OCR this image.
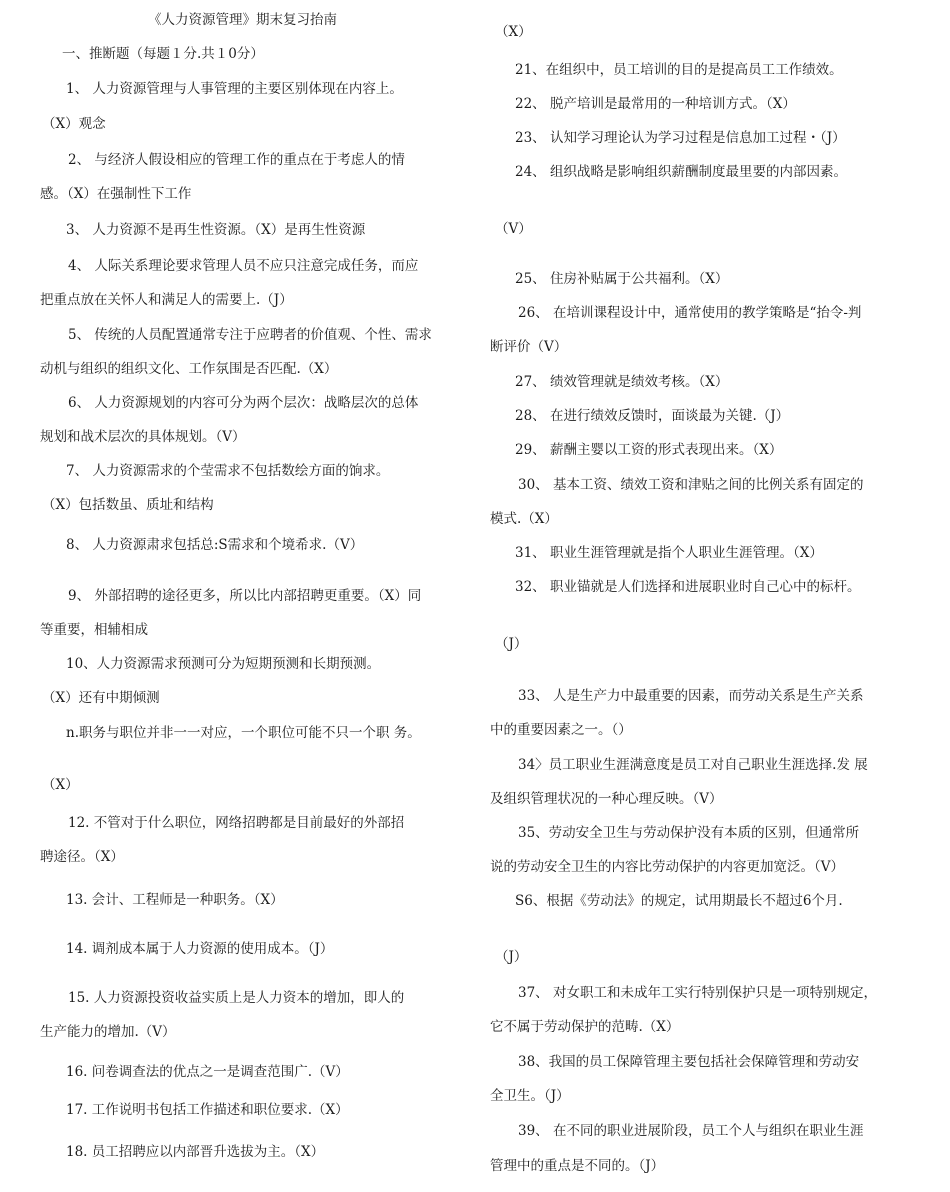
《人力资源管理》期末复习抬南
一、推断题（每题１分.共１0分）
1、 人力资源管理与人事管理的主要区别体现在内容上。
（X）观念
2、 与经济人假设相应的管理工作的重点在于考虑人的情
感。（X）在强制性下工作
3、 人力资源不是再生性资源。（X）是再生性资源
4、 人际关系理论要求管理人员不应只注意完成任务，而应
把重点放在关怀人和满足人的需要上.（J）
5、 传统的人员配置通常专注于应聘者的价值观、个性、需求
动机与组织的组织文化、工作氛围是否匹配.（X）
6、 人力资源规划的内容可分为两个层次：战略层次的总体
规划和战术层次的具体规划。（V）
7、 人力资源需求的个莹需求不包括数绘方面的饷求。
（X）包括数虽、质址和结构
8、 人力资源肃求包括总:S需求和个境希求.（V）
9、 外部招聘的途径更多，所以比内部招聘更重要。（X）同
等重要，相辅相成
10、人力资源需求预测可分为短期预测和长期预测。
（X）还有中期倾测
n.职务与职位并非一一对应，一个职位可能不只一个职 务。
（X）
12. 不管对于什么职位，网络招聘都是目前最好的外部招
聘途径。（X）
13. 会计、工程师是一种职务。（X）
14. 调剂成本属于人力资源的使用成本。（J）
15. 人力资源投资收益实质上是人力资本的增加，即人的
生产能力的增加.（V）
16. 问卷调查法的优点之一是调查范围广.（V）
17. 工作说明书包括工作描述和职位要求.（X）
18. 员工招聘应以内部晋升选拔为主。（X）
（X）
21、在组织中，员工培训的目的是提高员工工作绩效。
22、 脱产培训是最常用的一种培训方式。（X）
23、 认知学习理论认为学习过程是信息加工过程・（J）
24、 组织战略是影响组织薪酬制度最里要的内部因素。
（V）
25、 住房补贴属于公共福利。（X）
26、 在培训课程设计中，通常使用的教学策略是“抬令-判
断评价（V）
27、 绩效管理就是绩效考核。（X）
28、 在进行绩效反馈时，面谈最为关键.（J）
29、 薪酬主婴以工资的形式表现出来。（X）
30、 基本工资、绩效工资和津贴之间的比例关系有固定的
模式.（X）
31、 职业生涯管理就是指个人职业生涯管理。（X）
32、 职业锚就是人们选择和进展职业时自己心中的标杆。
（J）
33、 人是生产力中最重要的因素，而劳动关系是生产关系
中的重要因素之一。（）
34〉员工职业生涯满意度是员工对自己职业生涯选择.发 展
及组织管理状况的一种心理反映。（V）
35、劳动安全卫生与劳动保护没有本质的区别，但通常所
说的劳动安全卫生的内容比劳动保护的内容更加宽泛。（V）
S6、根据《劳动法》的规定，试用期最长不超过6个月.
（J）
37、 对女职工和未成年工实行特别保护只是一项特别规定，
它不属于劳动保护的范畴.（X）
38、我国的员工保障管理主要包括社会保障管理和劳动安
全卫生。（J）
39、 在不同的职业进展阶段，员工个人与组织在职业生涯
管理中的重点是不同的。（J）
